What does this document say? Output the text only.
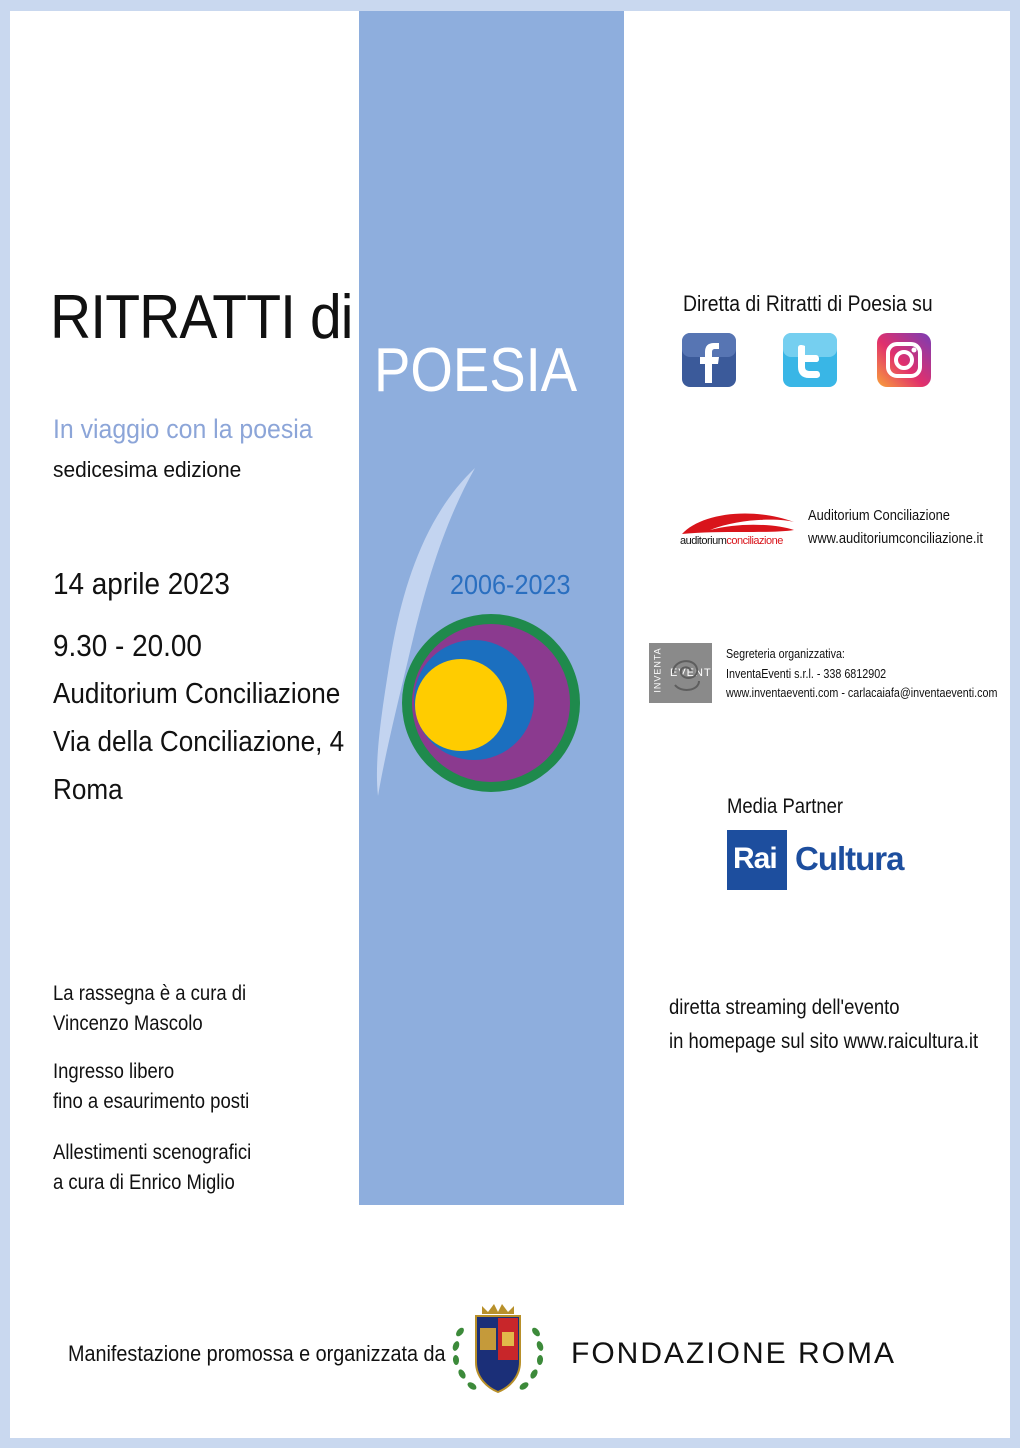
RITRATTI di
POESIA
In viaggio con la poesia
sedicesima edizione
14 aprile 2023
9.30 - 20.00
Auditorium Conciliazione
Via della Conciliazione, 4
Roma
2006-2023
La rassegna è a cura di
Vincenzo Mascolo
Ingresso libero
fino a esaurimento posti
Allestimenti scenografici
a cura di Enrico Miglio
Diretta di Ritratti di Poesia su
auditoriumconciliazione
Auditorium Conciliazione
www.auditoriumconciliazione.it
INVENTA EVENTI
Segreteria organizzativa:
InventaEventi s.r.l. - 338 6812902
www.inventaeventi.com - carlacaiafa@inventaeventi.com
Media Partner
Rai Cultura
diretta streaming dell'evento
in homepage sul sito www.raicultura.it
Manifestazione promossa e organizzata da	FONDAZIONE ROMA
